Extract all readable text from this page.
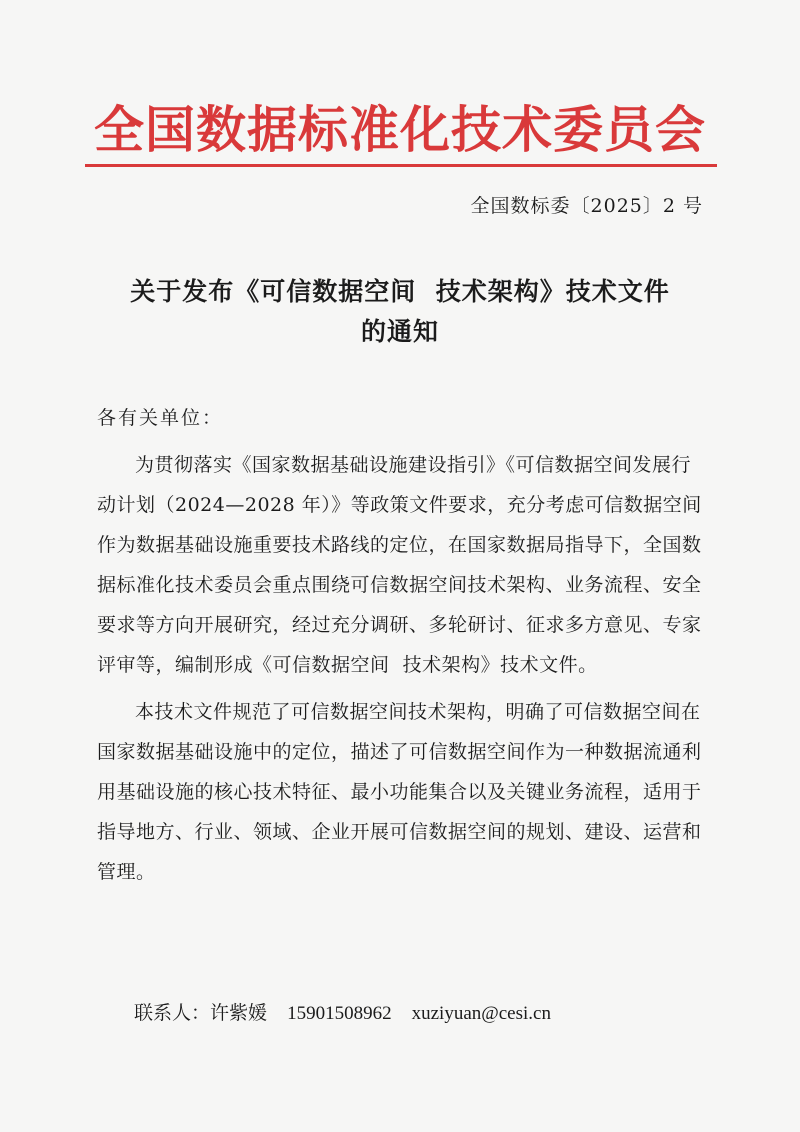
全国数据标准化技术委员会
全国数标委〔2025〕2 号
关于发布《可信数据空间  技术架构》技术文件
的通知
各有关单位：

为贯彻落实《国家数据基础设施建设指引》《可信数据空间发展行动计划（2024—2028 年）》等政策文件要求，充分考虑可信数据空间作为数据基础设施重要技术路线的定位，在国家数据局指导下，全国数据标准化技术委员会重点围绕可信数据空间技术架构、业务流程、安全要求等方向开展研究，经过充分调研、多轮研讨、征求多方意见、专家评审等，编制形成《可信数据空间  技术架构》技术文件。

本技术文件规范了可信数据空间技术架构，明确了可信数据空间在国家数据基础设施中的定位，描述了可信数据空间作为一种数据流通利用基础设施的核心技术特征、最小功能集合以及关键业务流程，适用于指导地方、行业、领域、企业开展可信数据空间的规划、建设、运营和管理。

联系人：许紫媛 15901508962 xuziyuan@cesi.cn
